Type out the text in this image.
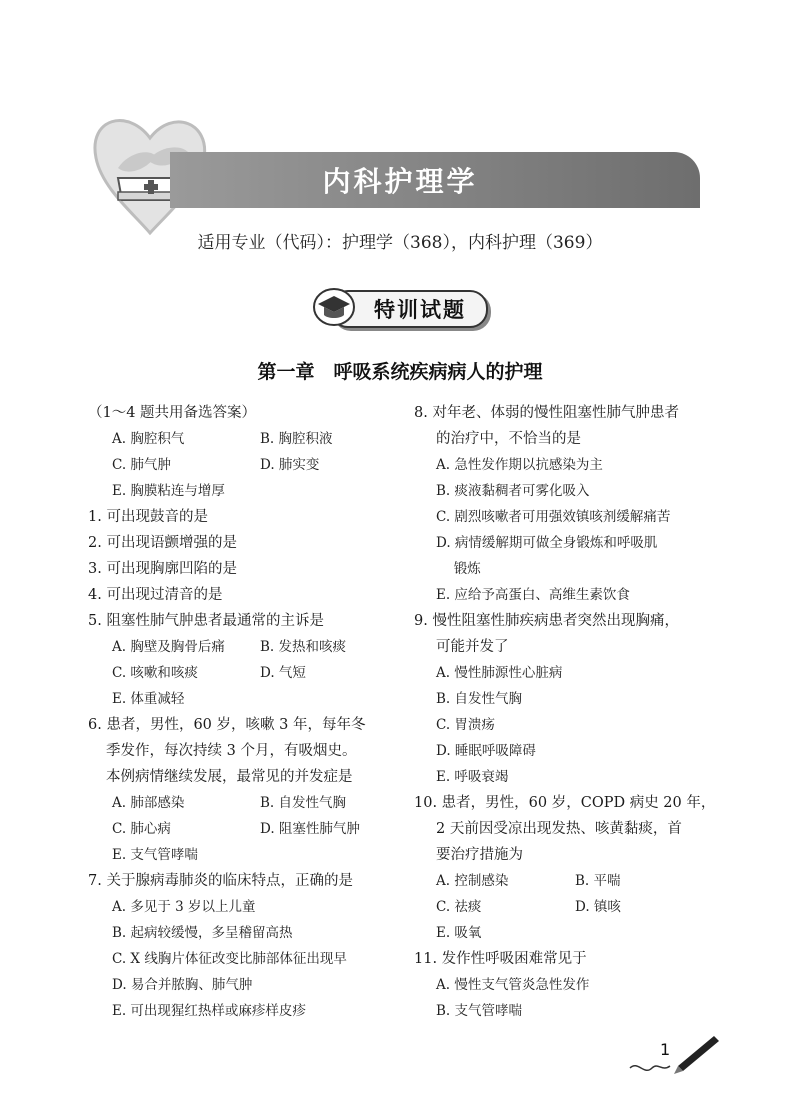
内科护理学
适用专业（代码）：护理学（368），内科护理（369）
特训试题
第一章　呼吸系统疾病病人的护理
（1～4 题共用备选答案）
A. 胸腔积气	B. 胸腔积液
C. 肺气肿	D. 肺实变
E. 胸膜粘连与增厚
1. 可出现鼓音的是
2. 可出现语颤增强的是
3. 可出现胸廓凹陷的是
4. 可出现过清音的是
5. 阻塞性肺气肿患者最通常的主诉是
A. 胸壁及胸骨后痛	B. 发热和咳痰
C. 咳嗽和咳痰	D. 气短
E. 体重减轻
6. 患者，男性，60 岁，咳嗽 3 年，每年冬
季发作，每次持续 3 个月，有吸烟史。
本例病情继续发展，最常见的并发症是
A. 肺部感染	B. 自发性气胸
C. 肺心病	D. 阻塞性肺气肿
E. 支气管哮喘
7. 关于腺病毒肺炎的临床特点，正确的是
A. 多见于 3 岁以上儿童
B. 起病较缓慢，多呈稽留高热
C. X 线胸片体征改变比肺部体征出现早
D. 易合并脓胸、肺气肿
E. 可出现猩红热样或麻疹样皮疹
8. 对年老、体弱的慢性阻塞性肺气肿患者
的治疗中，不恰当的是
A. 急性发作期以抗感染为主
B. 痰液黏稠者可雾化吸入
C. 剧烈咳嗽者可用强效镇咳剂缓解痛苦
D. 病情缓解期可做全身锻炼和呼吸肌
　 锻炼
E. 应给予高蛋白、高维生素饮食
9. 慢性阻塞性肺疾病患者突然出现胸痛，
可能并发了
A. 慢性肺源性心脏病
B. 自发性气胸
C. 胃溃疡
D. 睡眠呼吸障碍
E. 呼吸衰竭
10. 患者，男性，60 岁，COPD 病史 20 年，
2 天前因受凉出现发热、咳黄黏痰，首
要治疗措施为
A. 控制感染	B. 平喘
C. 祛痰	D. 镇咳
E. 吸氧
11. 发作性呼吸困难常见于
A. 慢性支气管炎急性发作
B. 支气管哮喘
1
